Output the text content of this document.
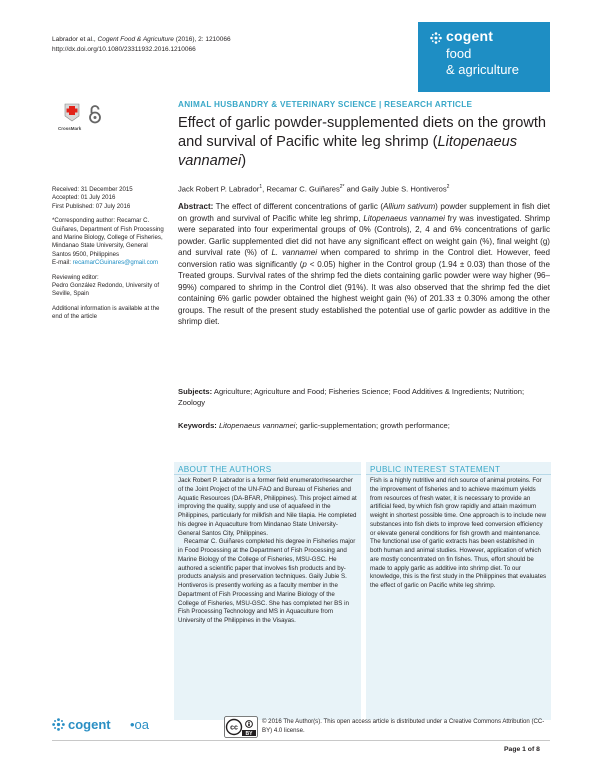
Labrador et al., Cogent Food & Agriculture (2016), 2: 1210066
http://dx.doi.org/10.1080/23311932.2016.1210066
cogent
food
& agriculture
CrossMark
ANIMAL HUSBANDRY & VETERINARY SCIENCE | RESEARCH ARTICLE
Effect of garlic powder-supplemented diets on the growth and survival of Pacific white leg shrimp (Litopenaeus vannamei)
Jack Robert P. Labrador$^1$, Recamar C. Guiñares$^{2*}$ and Gaily Jubie S. Hontiveros$^2$

Received: 31 December 2015
Accepted: 01 July 2016
First Published: 07 July 2016

*Corresponding author: Recamar C. Guiñares, Department of Fish Processing and Marine Biology, College of Fisheries, Mindanao State University, General Santos 9500, Philippines
E-mail: recamarCGuinares@gmail.com

Reviewing editor:
Pedro González Redondo, University of Seville, Spain

Additional information is available at the end of the article

Abstract: The effect of different concentrations of garlic (Allium sativum) powder supplement in fish diet on growth and survival of Pacific white leg shrimp, Litopenaeus vannamei fry was investigated. Shrimp were separated into four experimental groups of 0% (Controls), 2, 4 and 6% concentrations of garlic powder. Garlic supplemented diet did not have any significant effect on weight gain (%), final weight (g) and survival rate (%) of L. vannamei when compared to shrimp in the Control diet. However, feed conversion ratio was significantly (p < 0.05) higher in the Control group (1.94 ± 0.03) than those of the Treated groups. Survival rates of the shrimp fed the diets containing garlic powder were way higher (96–99%) compared to shrimp in the Control diet (91%). It was also observed that the shrimp fed the diet containing 6% garlic powder obtained the highest weight gain (%) of 201.33 ± 0.30% among the other groups. The result of the present study established the potential use of garlic powder as additive in the shrimp diet.
Subjects: Agriculture; Agriculture and Food; Fisheries Science; Food Additives & Ingredients; Nutrition; Zoology
Keywords: Litopenaeus vannamei; garlic-supplementation; growth performance;
ABOUT THE AUTHORS

Jack Robert P. Labrador is a former field enumerator/researcher of the Joint Project of the UN-FAO and Bureau of Fisheries and Aquatic Resources (DA-BFAR, Philippines). This project aimed at improving the quality, supply and use of aquafeed in the Philippines, particularly for milkfish and Nile tilapia. He completed his degree in Aquaculture from Mindanao State University-General Santos City, Philippines.

Recamar C. Guiñares completed his degree in Fisheries major in Food Processing at the Department of Fish Processing and Marine Biology of the College of Fisheries, MSU-GSC. He authored a scientific paper that involves fish products and by-products analysis and preservation techniques. Gaily Jubie S. Hontiveros is presently working as a faculty member in the Department of Fish Processing and Marine Biology of the College of Fisheries, MSU-GSC. She has completed her BS in Fish Processing Technology and MS in Aquaculture from University of the Philippines in the Visayas.

PUBLIC INTEREST STATEMENT

Fish is a highly nutritive and rich source of animal proteins. For the improvement of fisheries and to achieve maximum yields from resources of fresh water, it is necessary to provide an artificial feed, by which fish grow rapidly and attain maximum weight in shortest possible time. One approach is to include new substances into fish diets to improve feed conversion efficiency or elevate general conditions for fish growth and maintenance. The functional use of garlic extracts has been established in both human and animal studies. However, application of which are mostly concentrated on fin fishes. Thus, effort should be made to apply garlic as additive into shrimp diet. To our knowledge, this is the first study in the Philippines that evaluates the effect of garlic on Pacific white leg shrimp.

cogent •oa	cc
BY
© 2016 The Author(s). This open access article is distributed under a Creative Commons Attribution (CC-BY) 4.0 license.
Page 1 of 8
